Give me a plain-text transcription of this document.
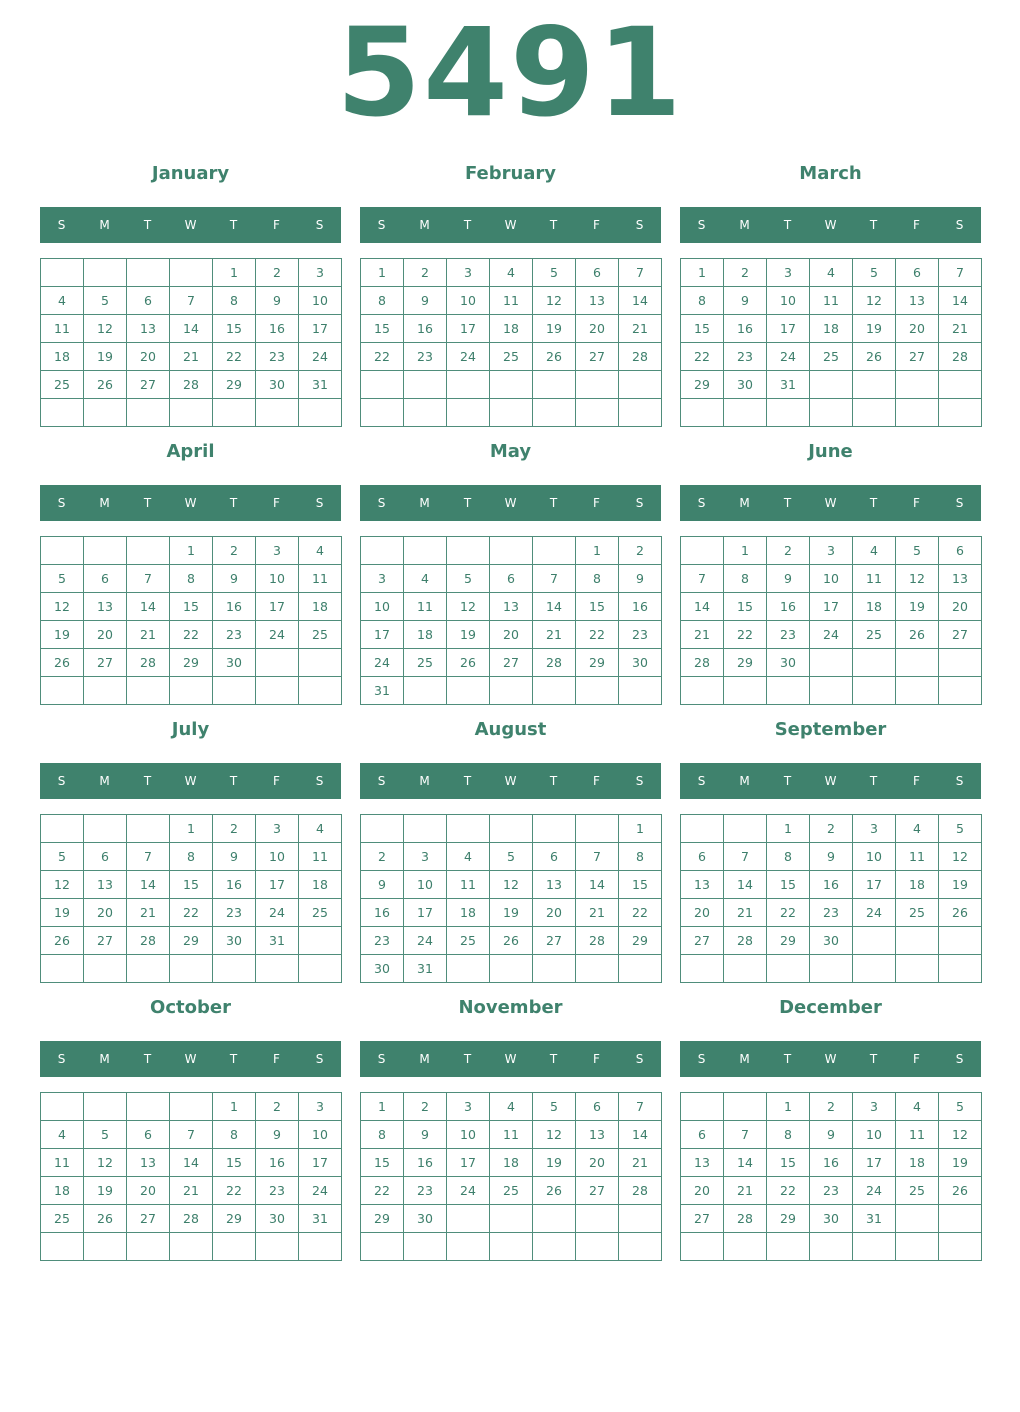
5491
January
S	M	T	W	T	F	S
				1	2	3
4	5	6	7	8	9	10
11	12	13	14	15	16	17
18	19	20	21	22	23	24
25	26	27	28	29	30	31

February
S	M	T	W	T	F	S
1	2	3	4	5	6	7
8	9	10	11	12	13	14
15	16	17	18	19	20	21
22	23	24	25	26	27	28

March
S	M	T	W	T	F	S
1	2	3	4	5	6	7
8	9	10	11	12	13	14
15	16	17	18	19	20	21
22	23	24	25	26	27	28
29	30	31				

April
S	M	T	W	T	F	S
			1	2	3	4
5	6	7	8	9	10	11
12	13	14	15	16	17	18
19	20	21	22	23	24	25
26	27	28	29	30		

May
S	M	T	W	T	F	S
					1	2
3	4	5	6	7	8	9
10	11	12	13	14	15	16
17	18	19	20	21	22	23
24	25	26	27	28	29	30
31						
June
S	M	T	W	T	F	S
	1	2	3	4	5	6
7	8	9	10	11	12	13
14	15	16	17	18	19	20
21	22	23	24	25	26	27
28	29	30				

July
S	M	T	W	T	F	S
			1	2	3	4
5	6	7	8	9	10	11
12	13	14	15	16	17	18
19	20	21	22	23	24	25
26	27	28	29	30	31	

August
S	M	T	W	T	F	S
						1
2	3	4	5	6	7	8
9	10	11	12	13	14	15
16	17	18	19	20	21	22
23	24	25	26	27	28	29
30	31					
September
S	M	T	W	T	F	S
		1	2	3	4	5
6	7	8	9	10	11	12
13	14	15	16	17	18	19
20	21	22	23	24	25	26
27	28	29	30			

October
S	M	T	W	T	F	S
				1	2	3
4	5	6	7	8	9	10
11	12	13	14	15	16	17
18	19	20	21	22	23	24
25	26	27	28	29	30	31

November
S	M	T	W	T	F	S
1	2	3	4	5	6	7
8	9	10	11	12	13	14
15	16	17	18	19	20	21
22	23	24	25	26	27	28
29	30					

December
S	M	T	W	T	F	S
		1	2	3	4	5
6	7	8	9	10	11	12
13	14	15	16	17	18	19
20	21	22	23	24	25	26
27	28	29	30	31		
